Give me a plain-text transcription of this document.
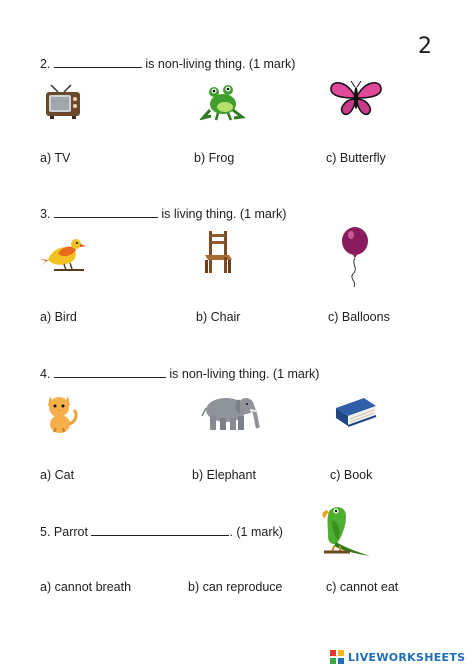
2
2.	is non-living thing. (1 mark)
a) TV	b) Frog	c) Butterfly
3.	is living thing. (1 mark)
a) Bird	b) Chair	c) Balloons
4.	is non-living thing. (1 mark)
a) Cat	b) Elephant	c) Book
5. Parrot	. (1 mark)
a) cannot breath	b) can reproduce	c) cannot eat
LIVEWORKSHEETS
